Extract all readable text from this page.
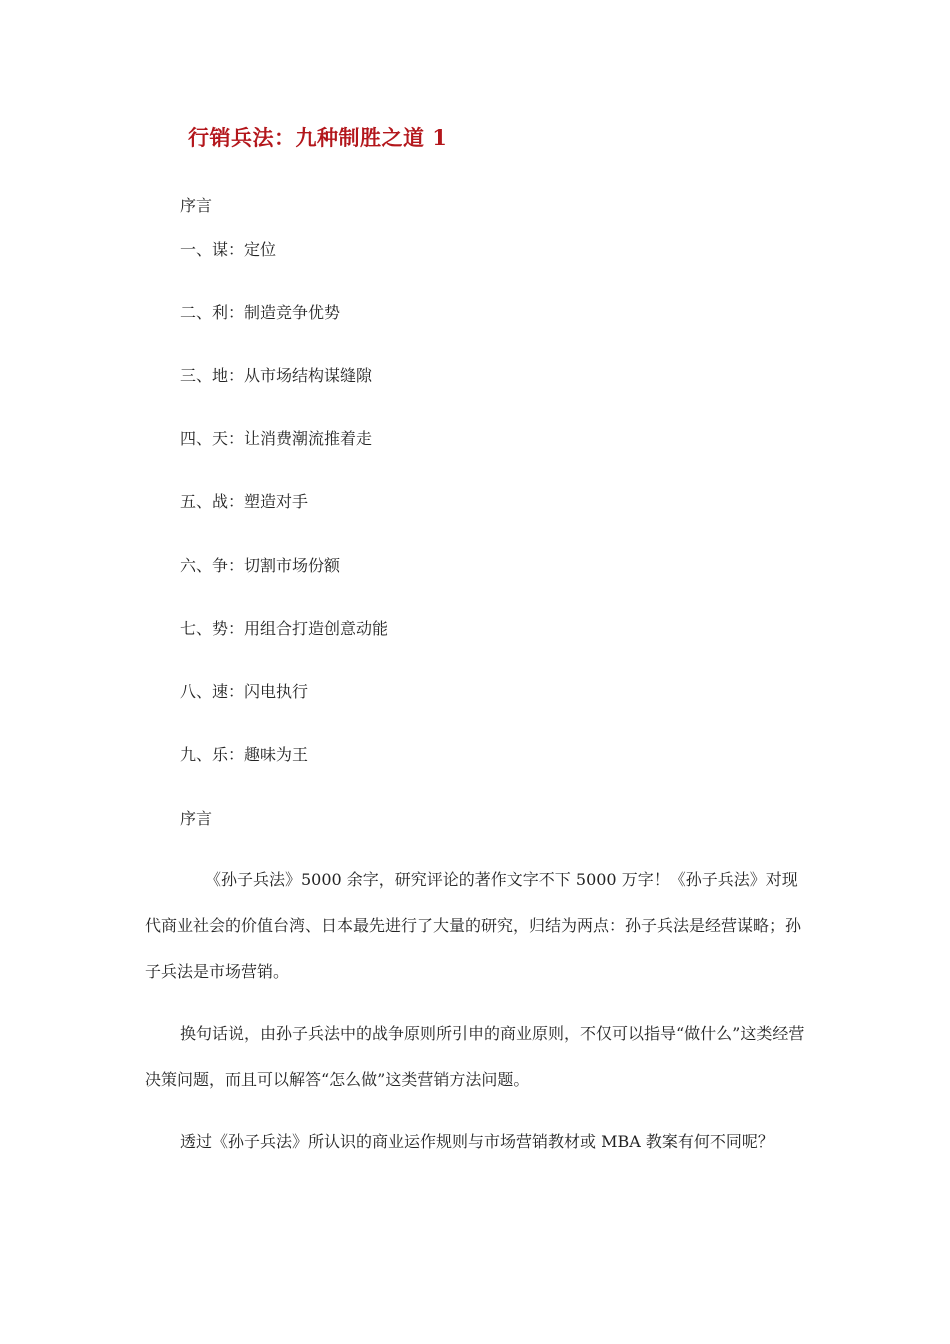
行销兵法：九种制胜之道 1

序言

一、谋：定位

二、利：制造竞争优势

三、地：从市场结构谋缝隙

四、天：让消费潮流推着走

五、战：塑造对手

六、争：切割市场份额

七、势：用组合打造创意动能

八、速：闪电执行

九、乐：趣味为王

序言

《孙子兵法》5000 余字，研究评论的著作文字不下 5000 万字！《孙子兵法》对现代商业社会的价值台湾、日本最先进行了大量的研究，归结为两点：孙子兵法是经营谋略；孙子兵法是市场营销。

换句话说，由孙子兵法中的战争原则所引申的商业原则，不仅可以指导“做什么”这类经营决策问题，而且可以解答“怎么做”这类营销方法问题。

透过《孙子兵法》所认识的商业运作规则与市场营销教材或 MBA 教案有何不同呢？
